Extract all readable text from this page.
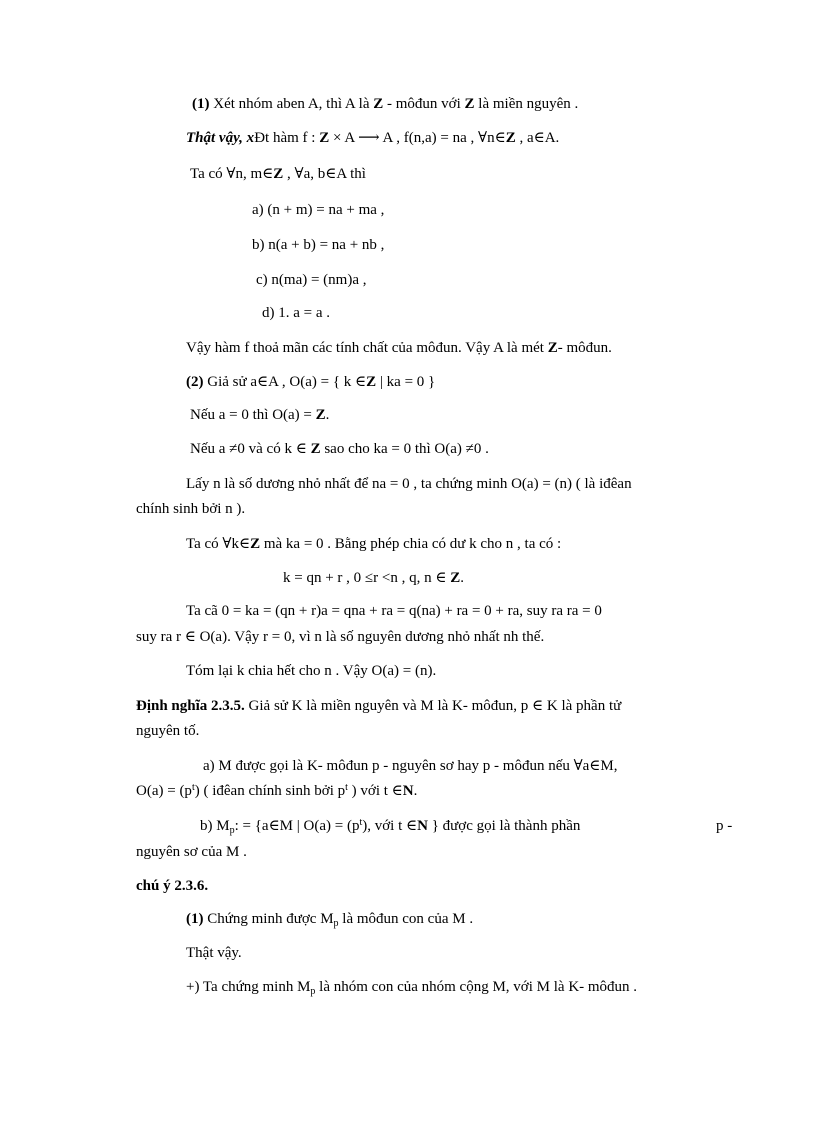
(1) Xét nhóm aben A, thì A là Z - môđun với Z là miền nguyên .
Thật vậy, xĐt hàm f : Z × A ⟶ A , f(n,a) = na , ∀n∈Z , a∈A.
Ta có ∀n, m∈Z , ∀a, b∈A thì
a) (n + m) = na + ma ,
b) n(a + b) = na + nb ,
c) n(ma) = (nm)a ,
d) 1. a = a .
Vậy hàm f thoả mãn các tính chất của môđun. Vậy A là mét Z- môđun.
(2) Giả sử a∈A , O(a) = { k ∈Z | ka = 0 }
Nếu a = 0 thì O(a) = Z.
Nếu a ≠0 và có k ∈ Z sao cho ka = 0 thì O(a) ≠0 .
Lấy n là số dương nhỏ nhất để na = 0 , ta chứng minh O(a) = (n) ( là iđêan
chính sinh bởi n ).
Ta có ∀k∈Z mà ka = 0 . Bằng phép chia có dư k cho n , ta có :
k = qn + r , 0 ≤r <n , q, n ∈ Z.
Ta cã 0 = ka = (qn + r)a = qna + ra = q(na) + ra = 0 + ra, suy ra ra = 0
suy ra r ∈ O(a). Vậy r = 0, vì n là số nguyên dương nhỏ nhất nh thế.
Tóm lại k chia hết cho n . Vậy O(a) = (n).
Định nghĩa 2.3.5. Giả sử K là miền nguyên và M là K- môđun, p ∈ K là phần tử
nguyên tố.
a) M được gọi là K- môđun p - nguyên sơ hay p - môđun nếu ∀a∈M,
$O(a) = (p^t)$ ( iđêan chính sinh bởi $p^t$ ) với t ∈N.
b) $M_p$: = {a∈M | $O(a) = (p^t)$, với t ∈N } được gọi là thành phần	p -
nguyên sơ của M .
chú ý 2.3.6.
(1) Chứng minh được $M_p$ là môđun con của M .
Thật vậy.
+) Ta chứng minh $M_p$ là nhóm con của nhóm cộng M, với M là K- môđun .
